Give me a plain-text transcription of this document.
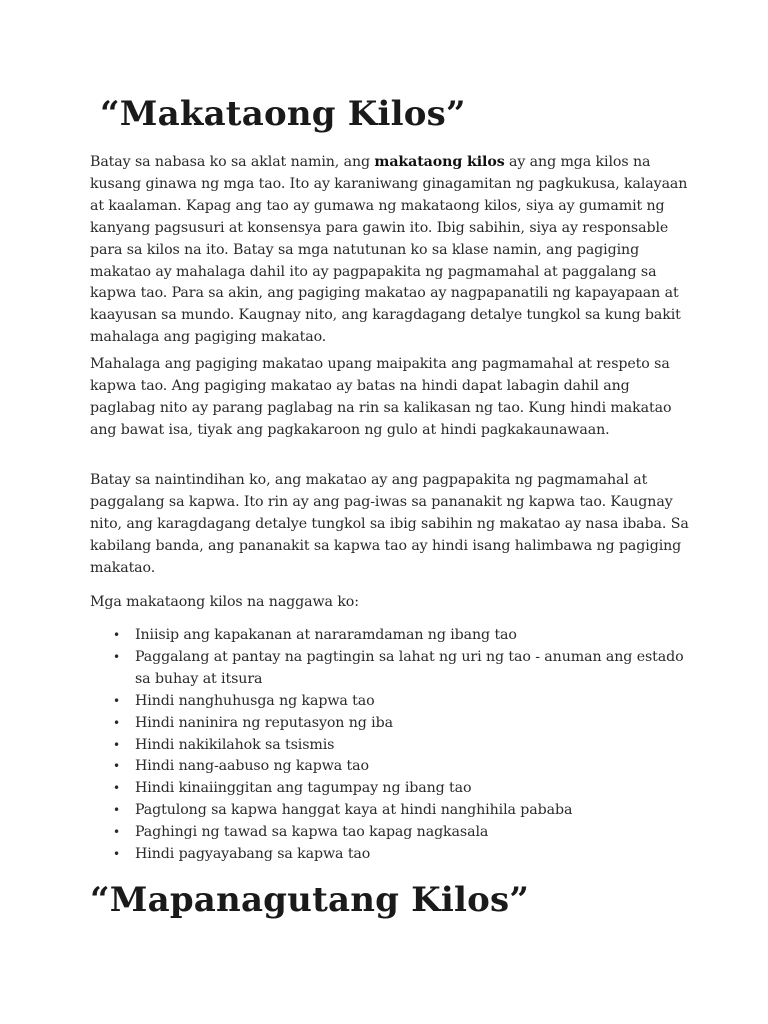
“Makataong Kilos”

Batay sa nabasa ko sa aklat namin, ang makataong kilos ay ang mga kilos na kusang ginawa ng mga tao. Ito ay karaniwang ginagamitan ng pagkukusa, kalayaan at kaalaman. Kapag ang tao ay gumawa ng makataong kilos, siya ay gumamit ng kanyang pagsusuri at konsensya para gawin ito. Ibig sabihin, siya ay responsable para sa kilos na ito. Batay sa mga natutunan ko sa klase namin, ang pagiging makatao ay mahalaga dahil ito ay pagpapakita ng pagmamahal at paggalang sa kapwa tao. Para sa akin, ang pagiging makatao ay nagpapanatili ng kapayapaan at kaayusan sa mundo. Kaugnay nito, ang karagdagang detalye tungkol sa kung bakit mahalaga ang pagiging makatao.

Mahalaga ang pagiging makatao upang maipakita ang pagmamahal at respeto sa kapwa tao. Ang pagiging makatao ay batas na hindi dapat labagin dahil ang paglabag nito ay parang paglabag na rin sa kalikasan ng tao. Kung hindi makatao ang bawat isa, tiyak ang pagkakaroon ng gulo at hindi pagkakaunawaan.

Batay sa naintindihan ko, ang makatao ay ang pagpapakita ng pagmamahal at paggalang sa kapwa. Ito rin ay ang pag-iwas sa pananakit ng kapwa tao. Kaugnay nito, ang karagdagang detalye tungkol sa ibig sabihin ng makatao ay nasa ibaba. Sa kabilang banda, ang pananakit sa kapwa tao ay hindi isang halimbawa ng pagiging makatao.

Mga makataong kilos na naggawa ko:

• Iniisip ang kapakanan at nararamdaman ng ibang tao
• Paggalang at pantay na pagtingin sa lahat ng uri ng tao - anuman ang estado sa buhay at itsura
• Hindi nanghuhusga ng kapwa tao
• Hindi naninira ng reputasyon ng iba
• Hindi nakikilahok sa tsismis
• Hindi nang-aabuso ng kapwa tao
• Hindi kinaiinggitan ang tagumpay ng ibang tao
• Pagtulong sa kapwa hanggat kaya at hindi nanghihila pababa
• Paghingi ng tawad sa kapwa tao kapag nagkasala
• Hindi pagyayabang sa kapwa tao
“Mapanagutang Kilos”
